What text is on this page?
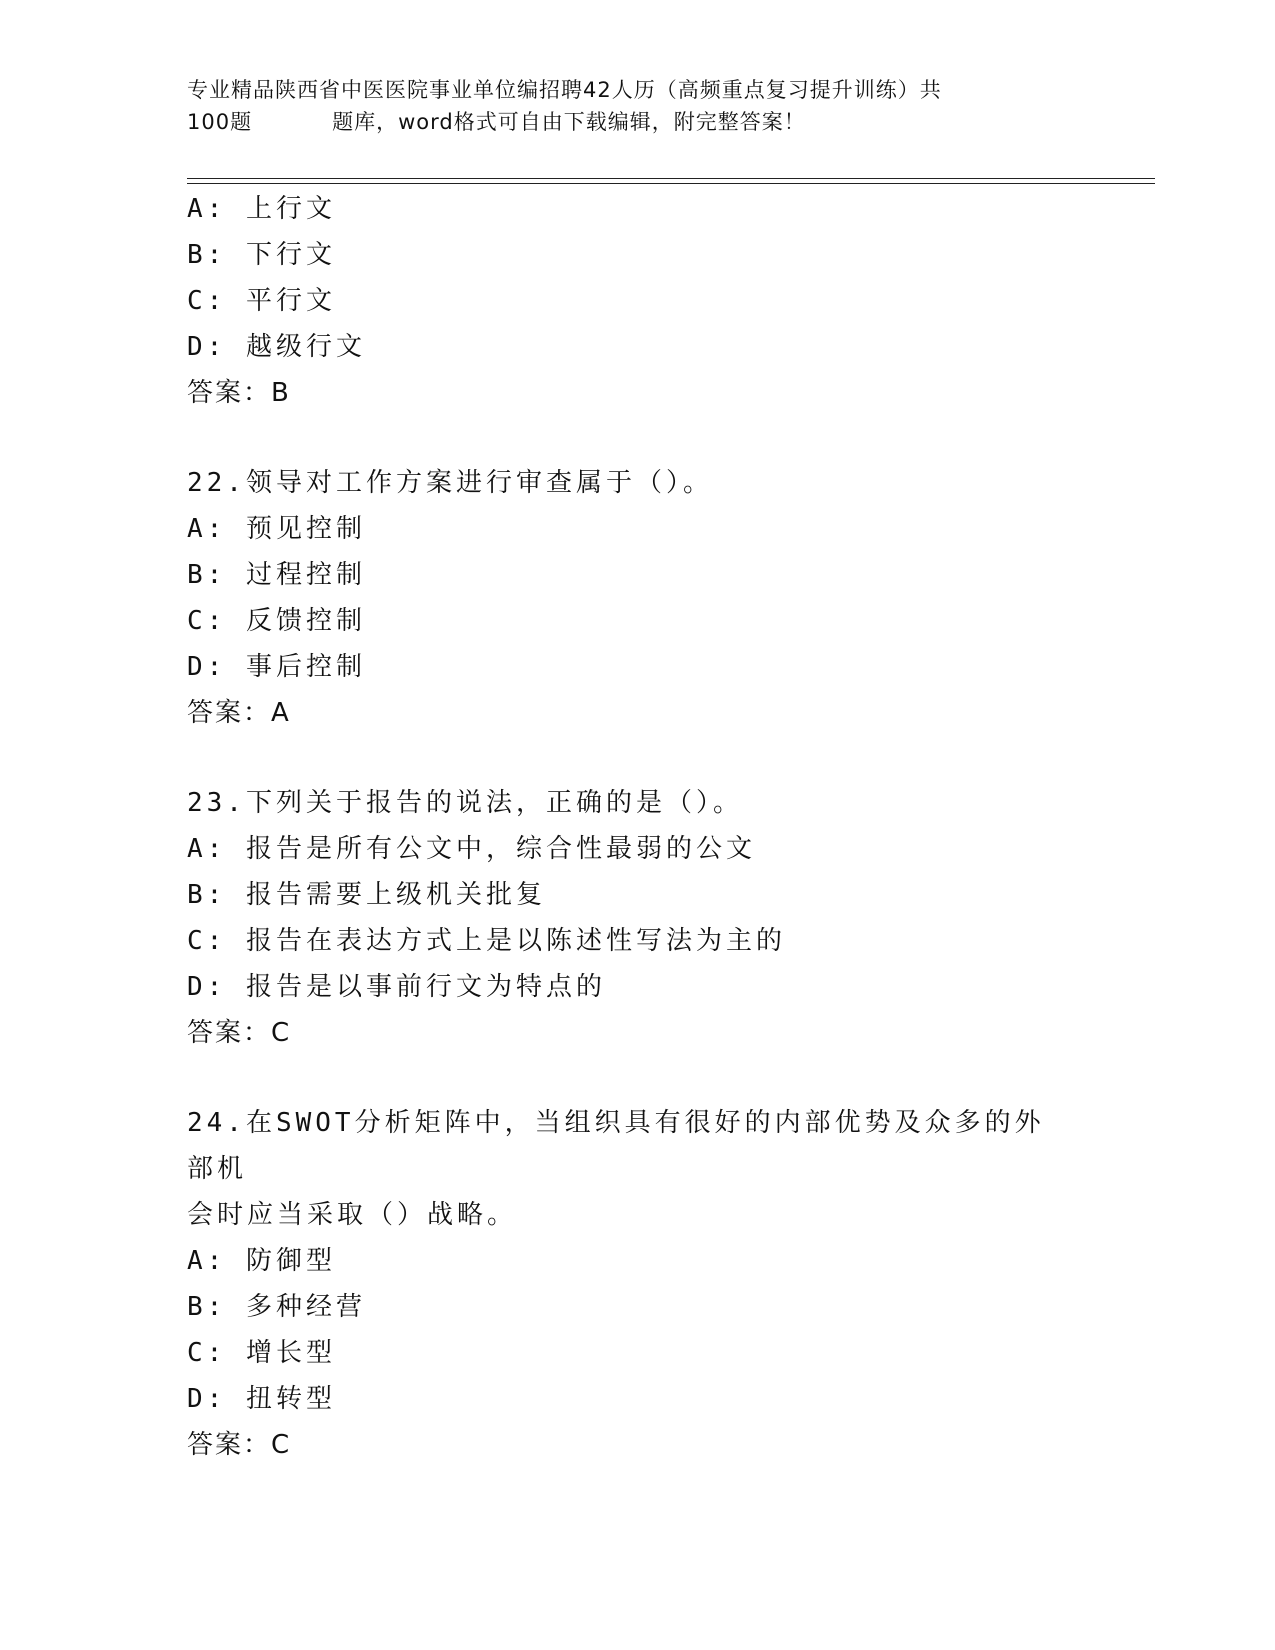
专业精品陕西省中医医院事业单位编招聘42人历（高频重点复习提升训练）共
100题	题库，word格式可自由下载编辑，附完整答案！
A: 上行文
B: 下行文
C: 平行文
D: 越级行文
答案：B
22.领导对工作方案进行审查属于（）。
A: 预见控制
B: 过程控制
C: 反馈控制
D: 事后控制
答案：A
23.下列关于报告的说法，正确的是（）。
A: 报告是所有公文中，综合性最弱的公文
B: 报告需要上级机关批复
C: 报告在表达方式上是以陈述性写法为主的
D: 报告是以事前行文为特点的
答案：C
24.在SWOT分析矩阵中，当组织具有很好的内部优势及众多的外部机
会时应当采取（）战略。
A: 防御型
B: 多种经营
C: 增长型
D: 扭转型
答案：C
